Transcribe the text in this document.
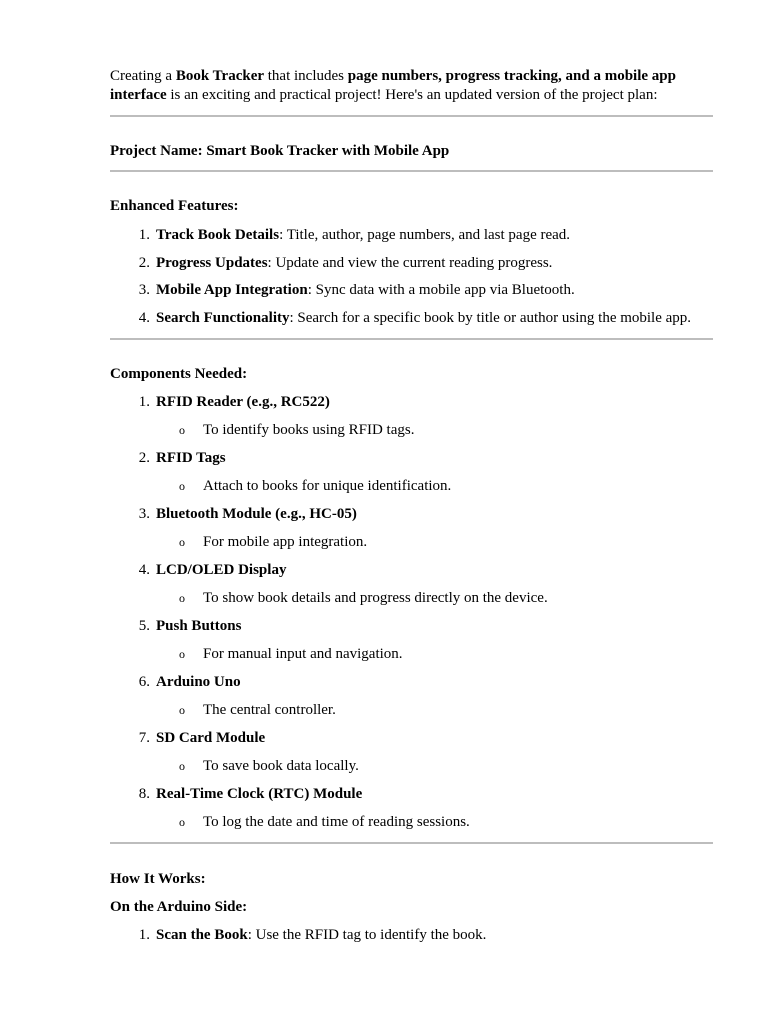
Creating a Book Tracker that includes page numbers, progress tracking, and a mobile app interface is an exciting and practical project! Here's an updated version of the project plan:

Project Name: Smart Book Tracker with Mobile App
Enhanced Features:
1. Track Book Details: Title, author, page numbers, and last page read.
2. Progress Updates: Update and view the current reading progress.
3. Mobile App Integration: Sync data with a mobile app via Bluetooth.
4. Search Functionality: Search for a specific book by title or author using the mobile app.
Components Needed:
1. RFID Reader (e.g., RC522)
o To identify books using RFID tags.
2. RFID Tags
o Attach to books for unique identification.
3. Bluetooth Module (e.g., HC-05)
o For mobile app integration.
4. LCD/OLED Display
o To show book details and progress directly on the device.
5. Push Buttons
o For manual input and navigation.
6. Arduino Uno
o The central controller.
7. SD Card Module
o To save book data locally.
8. Real-Time Clock (RTC) Module
o To log the date and time of reading sessions.
How It Works:
On the Arduino Side:
1. Scan the Book: Use the RFID tag to identify the book.
